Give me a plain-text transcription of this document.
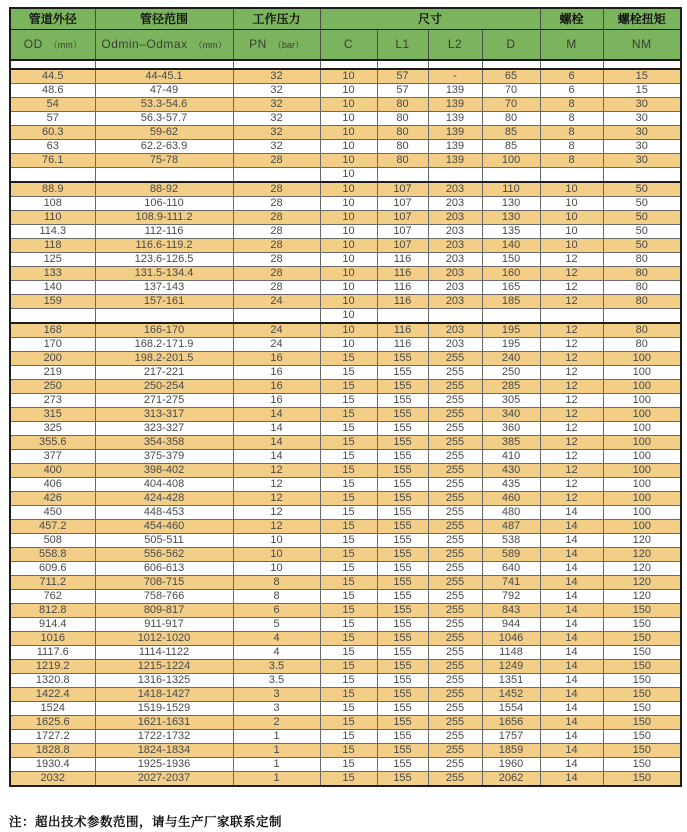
管道外径	管径范围	工作压力	尺寸				螺栓	螺栓扭矩
OD （mm）	Odmin–Odmax （mm）	PN （bar）	C	L1	L2	D	M	NM

44.5	44-45.1	32	10	57	-	65	6	15
48.6	47-49	32	10	57	139	70	6	15
54	53.3-54.6	32	10	80	139	70	8	30
57	56.3-57.7	32	10	80	139	80	8	30
60.3	59-62	32	10	80	139	85	8	30
63	62.2-63.9	32	10	80	139	85	8	30
76.1	75-78	28	10	80	139	100	8	30
			10					
88.9	88-92	28	10	107	203	110	10	50
108	106-110	28	10	107	203	130	10	50
110	108.9-111.2	28	10	107	203	130	10	50
114.3	112-116	28	10	107	203	135	10	50
118	116.6-119.2	28	10	107	203	140	10	50
125	123.6-126.5	28	10	116	203	150	12	80
133	131.5-134.4	28	10	116	203	160	12	80
140	137-143	28	10	116	203	165	12	80
159	157-161	24	10	116	203	185	12	80
			10					
168	166-170	24	10	116	203	195	12	80
170	168.2-171.9	24	10	116	203	195	12	80
200	198.2-201.5	16	15	155	255	240	12	100
219	217-221	16	15	155	255	250	12	100
250	250-254	16	15	155	255	285	12	100
273	271-275	16	15	155	255	305	12	100
315	313-317	14	15	155	255	340	12	100
325	323-327	14	15	155	255	360	12	100
355.6	354-358	14	15	155	255	385	12	100
377	375-379	14	15	155	255	410	12	100
400	398-402	12	15	155	255	430	12	100
406	404-408	12	15	155	255	435	12	100
426	424-428	12	15	155	255	460	12	100
450	448-453	12	15	155	255	480	14	100
457.2	454-460	12	15	155	255	487	14	100
508	505-511	10	15	155	255	538	14	120
558.8	556-562	10	15	155	255	589	14	120
609.6	606-613	10	15	155	255	640	14	120
711.2	708-715	8	15	155	255	741	14	120
762	758-766	8	15	155	255	792	14	120
812.8	809-817	6	15	155	255	843	14	150
914.4	911-917	5	15	155	255	944	14	150
1016	1012-1020	4	15	155	255	1046	14	150
1117.6	1114-1122	4	15	155	255	1148	14	150
1219.2	1215-1224	3.5	15	155	255	1249	14	150
1320.8	1316-1325	3.5	15	155	255	1351	14	150
1422.4	1418-1427	3	15	155	255	1452	14	150
1524	1519-1529	3	15	155	255	1554	14	150
1625.6	1621-1631	2	15	155	255	1656	14	150
1727.2	1722-1732	1	15	155	255	1757	14	150
1828.8	1824-1834	1	15	155	255	1859	14	150
1930.4	1925-1936	1	15	155	255	1960	14	150
2032	2027-2037	1	15	155	255	2062	14	150
注：超出技术参数范围，请与生产厂家联系定制
